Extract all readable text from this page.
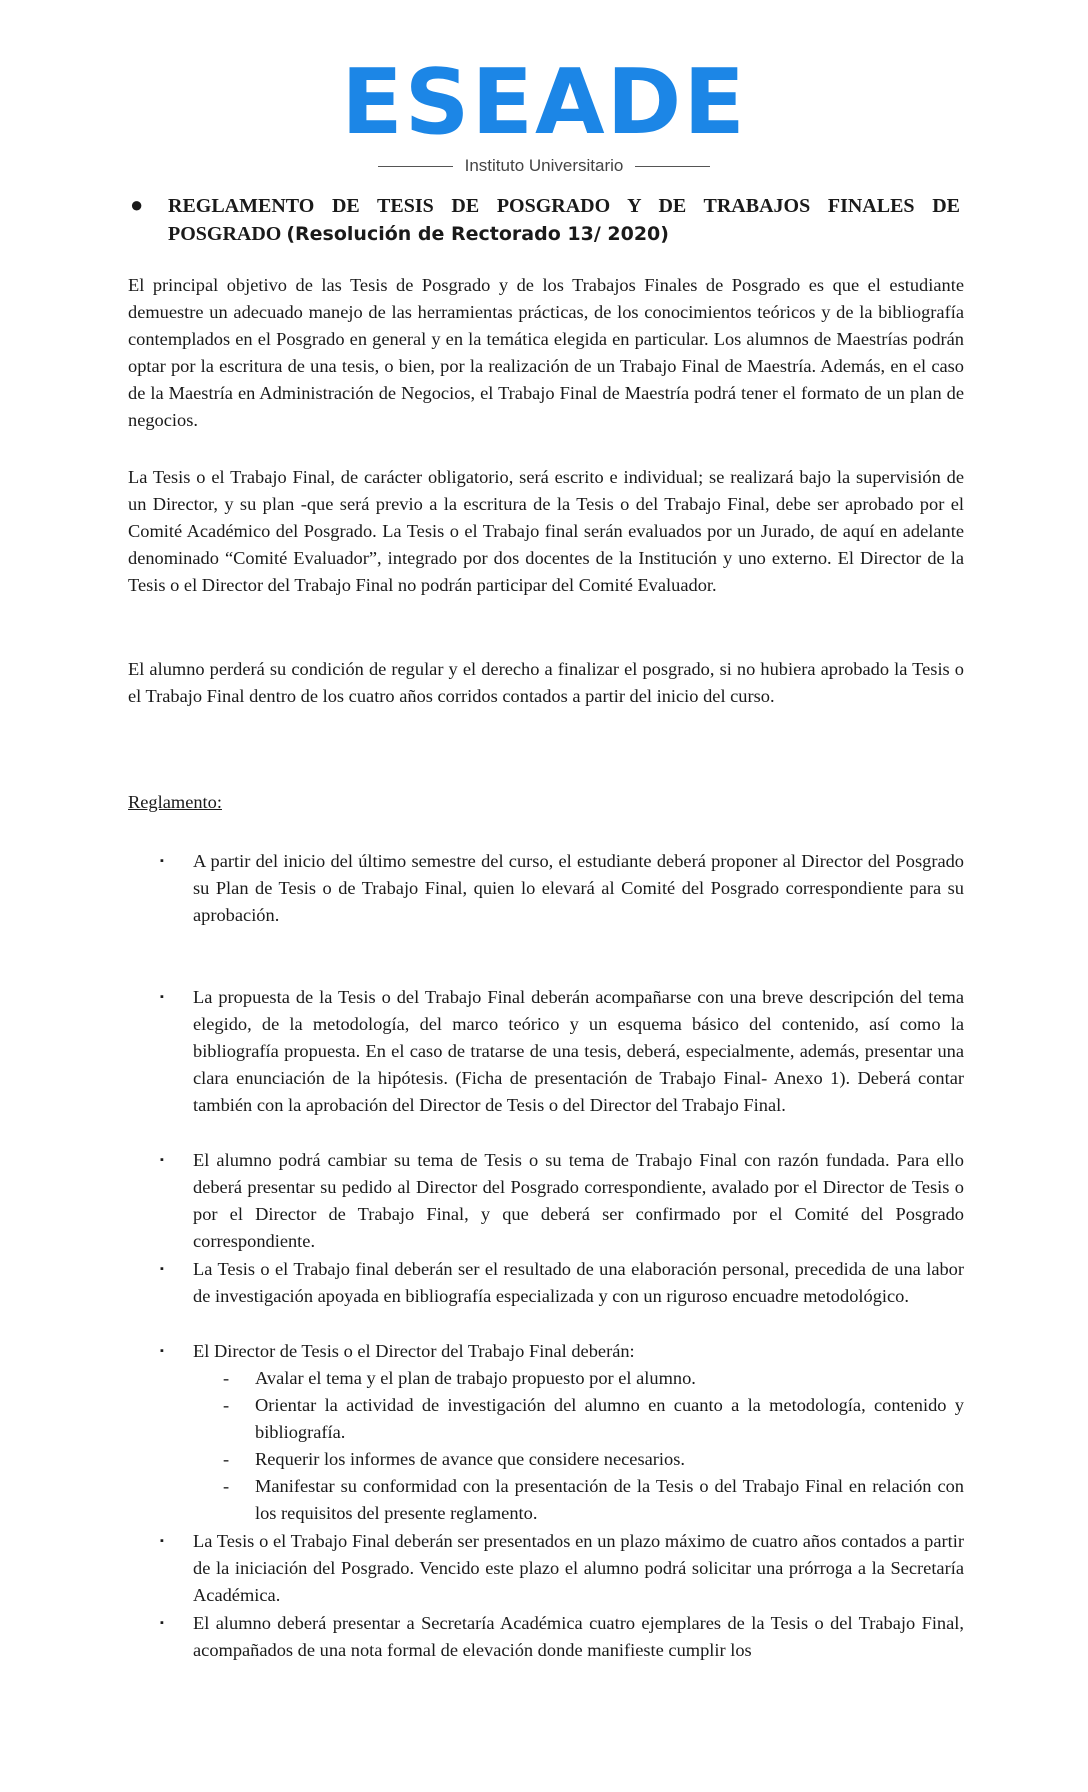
ESEADE
Instituto Universitario
● REGLAMENTO DE TESIS DE POSGRADO Y DE TRABAJOS FINALES DE POSGRADO (Resolución de Rectorado 13/ 2020)

El principal objetivo de las Tesis de Posgrado y de los Trabajos Finales de Posgrado es que el estudiante demuestre un adecuado manejo de las herramientas prácticas, de los conocimientos teóricos y de la bibliografía contemplados en el Posgrado en general y en la temática elegida en particular. Los alumnos de Maestrías podrán optar por la escritura de una tesis, o bien, por la realización de un Trabajo Final de Maestría. Además, en el caso de la Maestría en Administración de Negocios, el Trabajo Final de Maestría podrá tener el formato de un plan de negocios.

La Tesis o el Trabajo Final, de carácter obligatorio, será escrito e individual; se realizará bajo la supervisión de un Director, y su plan -que será previo a la escritura de la Tesis o del Trabajo Final, debe ser aprobado por el Comité Académico del Posgrado. La Tesis o el Trabajo final serán evaluados por un Jurado, de aquí en adelante denominado “Comité Evaluador”, integrado por dos docentes de la Institución y uno externo. El Director de la Tesis o el Director del Trabajo Final no podrán participar del Comité Evaluador.

El alumno perderá su condición de regular y el derecho a finalizar el posgrado, si no hubiera aprobado la Tesis o el Trabajo Final dentro de los cuatro años corridos contados a partir del inicio del curso.

Reglamento:

▪ A partir del inicio del último semestre del curso, el estudiante deberá proponer al Director del Posgrado su Plan de Tesis o de Trabajo Final, quien lo elevará al Comité del Posgrado correspondiente para su aprobación.
▪ La propuesta de la Tesis o del Trabajo Final deberán acompañarse con una breve descripción del tema elegido, de la metodología, del marco teórico y un esquema básico del contenido, así como la bibliografía propuesta. En el caso de tratarse de una tesis, deberá, especialmente, además, presentar una clara enunciación de la hipótesis. (Ficha de presentación de Trabajo Final- Anexo 1). Deberá contar también con la aprobación del Director de Tesis o del Director del Trabajo Final.
▪ El alumno podrá cambiar su tema de Tesis o su tema de Trabajo Final con razón fundada. Para ello deberá presentar su pedido al Director del Posgrado correspondiente, avalado por el Director de Tesis o por el Director de Trabajo Final, y que deberá ser confirmado por el Comité del Posgrado correspondiente.
▪ La Tesis o el Trabajo final deberán ser el resultado de una elaboración personal, precedida de una labor de investigación apoyada en bibliografía especializada y con un riguroso encuadre metodológico.
▪ El Director de Tesis o el Director del Trabajo Final deberán:
- Avalar el tema y el plan de trabajo propuesto por el alumno.
- Orientar la actividad de investigación del alumno en cuanto a la metodología, contenido y bibliografía.
- Requerir los informes de avance que considere necesarios.
- Manifestar su conformidad con la presentación de la Tesis o del Trabajo Final en relación con los requisitos del presente reglamento.
▪ La Tesis o el Trabajo Final deberán ser presentados en un plazo máximo de cuatro años contados a partir de la iniciación del Posgrado. Vencido este plazo el alumno podrá solicitar una prórroga a la Secretaría Académica.
▪ El alumno deberá presentar a Secretaría Académica cuatro ejemplares de la Tesis o del Trabajo Final, acompañados de una nota formal de elevación donde manifieste cumplir los
